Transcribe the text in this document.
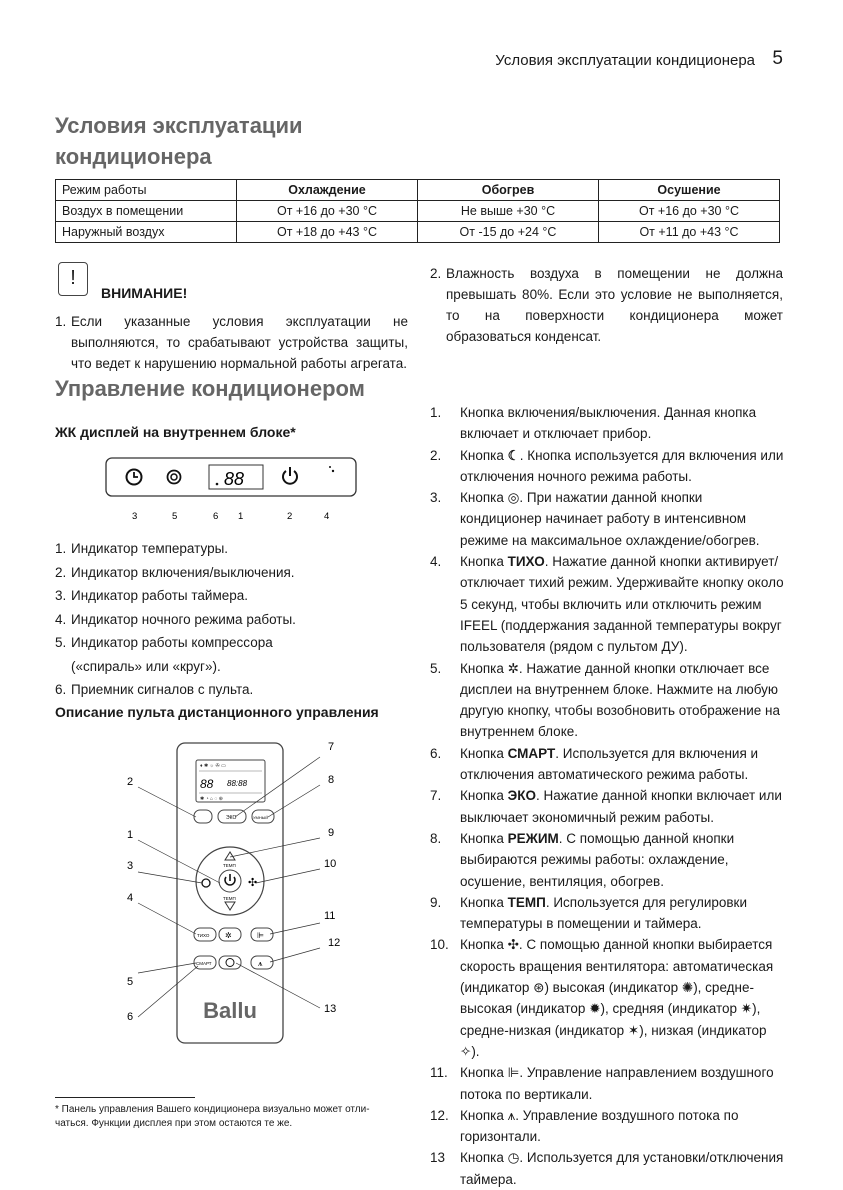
Условия эксплуатации кондиционера 5
Условия эксплуатации
кондиционера
Режим работы	Охлаждение	Обогрев	Осушение
Воздух в помещении	От +16 до +30 °С	Не выше +30 °С	От +16 до +30 °С
Наружный воздух	От +18 до +43 °С	От -15 до +24 °С	От +11 до +43 °С
!
ВНИМАНИЕ!
1. Если указанные условия эксплуатации не выполняются, то срабатывают устройства защиты, что ведет к нарушению нормальной работы агрегата.
2. Влажность воздуха в помещении не должна превышать 80%. Если это условие не выполняется, то на поверхности кондиционера может образоваться конденсат.
Управление кондиционером
ЖК дисплей на внутреннем блоке*
88
3	5	6 1	2	4
1. Индикатор температуры.
2. Индикатор включения/выключения.
3. Индикатор работы таймера.
4. Индикатор ночного режима работы.
5. Индикатор работы компрессора
(«спираль» или «круг»).
6. Приемник сигналов с пульта.
Описание пульта дистанционного управления
♦ ✱ ☼ ✇ ▭
88 88:88
✱ ◔ ⌂ ◌ ⊕
ЭКО	УМНЫЙ
ТЕМП
✣
ТЕМП
ТИХО ✲	⊫
СМАРТ	⩚
Ballu
2
1
3
4
5
6
7
8
9
10
11
12
13
* Панель управления Вашего кондиционера визуально может отли-
чаться. Функции дисплея при этом остаются те же.
1. Кнопка включения/выключения. Данная кнопка включает и отключает прибор.
2. Кнопка ☾. Кнопка используется для включения или отключения ночного режима работы.
3. Кнопка ◎. При нажатии данной кнопки кондиционер начинает работу в интенсивном режиме на максимальное охлаждение/обогрев.
4. Кнопка ТИХО. Нажатие данной кнопки активирует/отключает тихий режим. Удерживайте кнопку около 5 секунд, чтобы включить или отключить режим IFEEL (поддержания заданной температуры вокруг пользователя (рядом с пультом ДУ).
5. Кнопка ✲. Нажатие данной кнопки отключает все дисплеи на внутреннем блоке. Нажмите на любую другую кнопку, чтобы возобновить отображение на внутреннем блоке.
6. Кнопка СМАРТ. Используется для включения и отключения автоматического режима работы.
7. Кнопка ЭКО. Нажатие данной кнопки включает или выключает экономичный режим работы.
8. Кнопка РЕЖИМ. С помощью данной кнопки выбираются режимы работы: охлаждение, осушение, вентиляция, обогрев.
9. Кнопка ТЕМП. Используется для регулировки температуры в помещении и таймера.
10. Кнопка ✣. С помощью данной кнопки выбирается скорость вращения вентилятора: автоматическая (индикатор ⊛) высокая (индикатор ✺), средне-высокая (индикатор ✹), средняя (индикатор ✷), средне-низкая (индикатор ✶), низкая (индикатор ✧).
11. Кнопка ⊫. Управление направлением воздушного потока по вертикали.
12. Кнопка ⩚. Управление воздушного потока по горизонтали.
13 Кнопка ◷. Используется для установки/отключения таймера.
